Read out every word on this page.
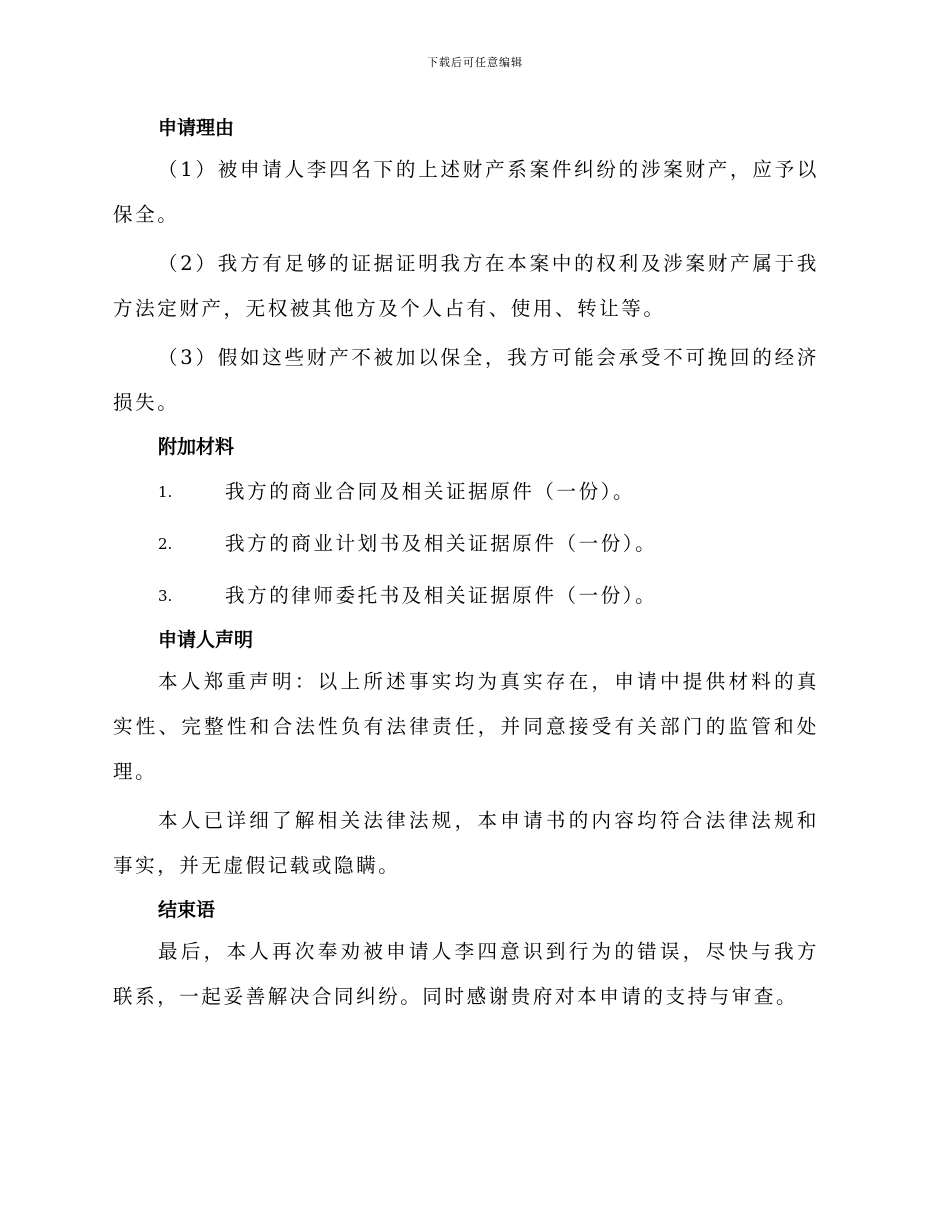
下载后可任意编辑
申请理由

（1）被申请人李四名下的上述财产系案件纠纷的涉案财产，应予以保全。

（2）我方有足够的证据证明我方在本案中的权利及涉案财产属于我方法定财产，无权被其他方及个人占有、使用、转让等。

（3）假如这些财产不被加以保全，我方可能会承受不可挽回的经济损失。

附加材料
1.	我方的商业合同及相关证据原件（一份）。
2.	我方的商业计划书及相关证据原件（一份）。
3.	我方的律师委托书及相关证据原件（一份）。
申请人声明

本人郑重声明：以上所述事实均为真实存在，申请中提供材料的真实性、完整性和合法性负有法律责任，并同意接受有关部门的监管和处理。

本人已详细了解相关法律法规，本申请书的内容均符合法律法规和事实，并无虚假记载或隐瞒。

结束语

最后，本人再次奉劝被申请人李四意识到行为的错误，尽快与我方联系，一起妥善解决合同纠纷。同时感谢贵府对本申请的支持与审查。
